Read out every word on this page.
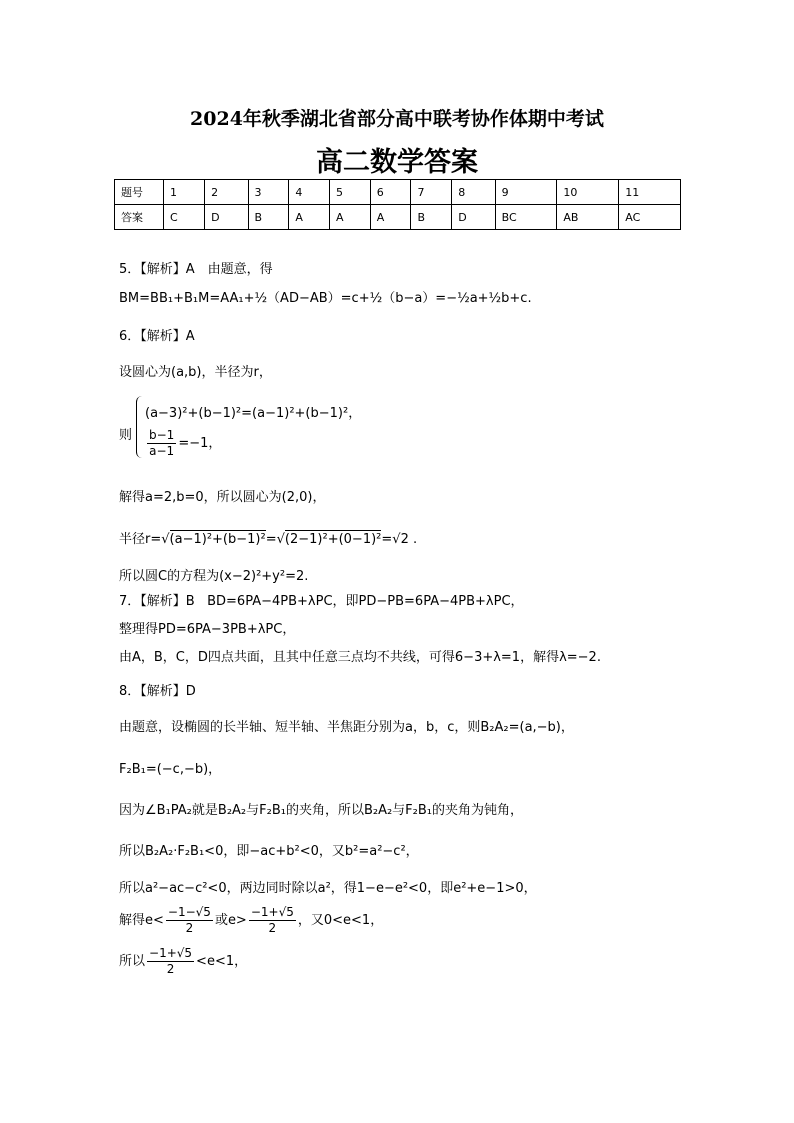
2024年秋季湖北省部分高中联考协作体期中考试
高二数学答案
题号	1	2	3	4	5	6	7	8	9	10	11
答案	C	D	B	A	A	A	B	D	BC	AB	AC
5．【解析】A　由题意，得
BM=BB₁+B₁M=AA₁+½（AD−AB）=c+½（b−a）=−½a+½b+c.
6．【解析】A
设圆心为(a,b)，半径为r，
则
(a−3)²+(b−1)²=(a−1)²+(b−1)²，
$\frac{b-1}{a-1} =-1$，
解得a=2,b=0，所以圆心为(2,0)，
半径r=√(a−1)²+(b−1)²=√(2−1)²+(0−1)²=√2 .
所以圆C的方程为(x−2)²+y²=2.
7．【解析】B BD=6PA−4PB+λPC，即PD−PB=6PA−4PB+λPC，
整理得PD=6PA−3PB+λPC，
由A，B，C，D四点共面，且其中任意三点均不共线，可得6−3+λ=1，解得λ=−2.
8．【解析】D
由题意，设椭圆的长半轴、短半轴、半焦距分别为a，b，c，则B₂A₂=(a,−b)，
F₂B₁=(−c,−b)，
因为∠B₁PA₂就是B₂A₂与F₂B₁的夹角，所以B₂A₂与F₂B₁的夹角为钝角，
所以B₂A₂·F₂B₁<0，即−ac+b²<0，又b²=a²−c²，
所以a²−ac−c²<0，两边同时除以a²，得1−e−e²<0，即e²+e−1>0，
解得$e< \frac{-1-√5}{2}$ 或$e> \frac{-1+√5}{2}$ ，又0<e<1，
所以 $\frac{-1+√5}{2} <e<1$，
